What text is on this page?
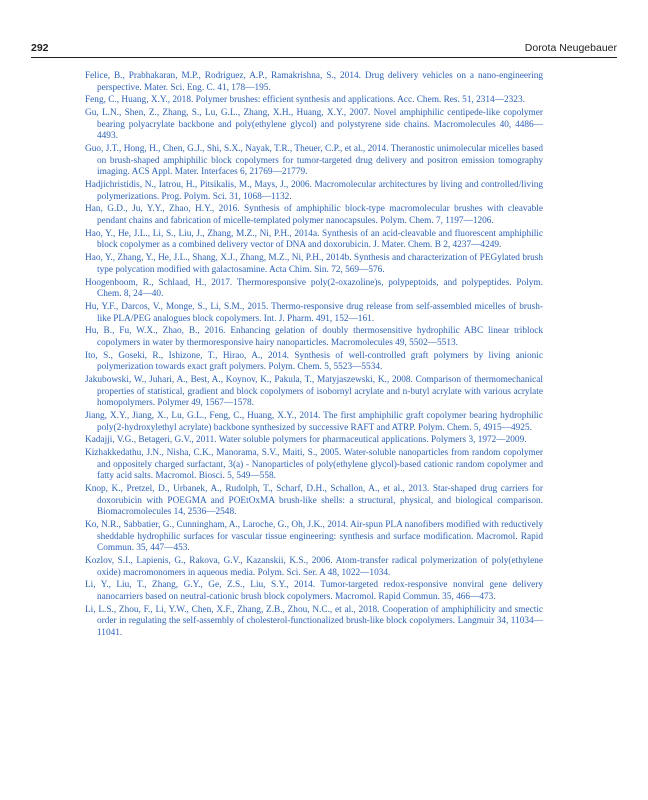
292	Dorota Neugebauer
Felice, B., Prabhakaran, M.P., Rodriguez, A.P., Ramakrishna, S., 2014. Drug delivery vehicles on a nano-engineering perspective. Mater. Sci. Eng. C. 41, 178—195.
Feng, C., Huang, X.Y., 2018. Polymer brushes: efficient synthesis and applications. Acc. Chem. Res. 51, 2314—2323.
Gu, L.N., Shen, Z., Zhang, S., Lu, G.L., Zhang, X.H., Huang, X.Y., 2007. Novel amphiphilic centipede-like copolymer bearing polyacrylate backbone and poly(ethylene glycol) and polystyrene side chains. Macromolecules 40, 4486—4493.
Guo, J.T., Hong, H., Chen, G.J., Shi, S.X., Nayak, T.R., Theuer, C.P., et al., 2014. Theranostic unimolecular micelles based on brush-shaped amphiphilic block copolymers for tumor-targeted drug delivery and positron emission tomography imaging. ACS Appl. Mater. Interfaces 6, 21769—21779.
Hadjichristidis, N., Iatrou, H., Pitsikalis, M., Mays, J., 2006. Macromolecular architectures by living and controlled/living polymerizations. Prog. Polym. Sci. 31, 1068—1132.
Han, G.D., Ju, Y.Y., Zhao, H.Y., 2016. Synthesis of amphiphilic block-type macromolecular brushes with cleavable pendant chains and fabrication of micelle-templated polymer nanocapsules. Polym. Chem. 7, 1197—1206.
Hao, Y., He, J.L., Li, S., Liu, J., Zhang, M.Z., Ni, P.H., 2014a. Synthesis of an acid-cleavable and fluorescent amphiphilic block copolymer as a combined delivery vector of DNA and doxorubicin. J. Mater. Chem. B 2, 4237—4249.
Hao, Y., Zhang, Y., He, J.L., Shang, X.J., Zhang, M.Z., Ni, P.H., 2014b. Synthesis and characterization of PEGylated brush type polycation modified with galactosamine. Acta Chim. Sin. 72, 569—576.
Hoogenboom, R., Schlaad, H., 2017. Thermoresponsive poly(2-oxazoline)s, polypeptoids, and polypeptides. Polym. Chem. 8, 24—40.
Hu, Y.F., Darcos, V., Monge, S., Li, S.M., 2015. Thermo-responsive drug release from self-assembled micelles of brush-like PLA/PEG analogues block copolymers. Int. J. Pharm. 491, 152—161.
Hu, B., Fu, W.X., Zhao, B., 2016. Enhancing gelation of doubly thermosensitive hydrophilic ABC linear triblock copolymers in water by thermoresponsive hairy nanoparticles. Macromolecules 49, 5502—5513.
Ito, S., Goseki, R., Ishizone, T., Hirao, A., 2014. Synthesis of well-controlled graft polymers by living anionic polymerization towards exact graft polymers. Polym. Chem. 5, 5523—5534.
Jakubowski, W., Juhari, A., Best, A., Koynov, K., Pakula, T., Matyjaszewski, K., 2008. Comparison of thermomechanical properties of statistical, gradient and block copolymers of isobornyl acrylate and n-butyl acrylate with various acrylate homopolymers. Polymer 49, 1567—1578.
Jiang, X.Y., Jiang, X., Lu, G.L., Feng, C., Huang, X.Y., 2014. The first amphiphilic graft copolymer bearing hydrophilic poly(2-hydroxylethyl acrylate) backbone synthesized by successive RAFT and ATRP. Polym. Chem. 5, 4915—4925.
Kadajji, V.G., Betageri, G.V., 2011. Water soluble polymers for pharmaceutical applications. Polymers 3, 1972—2009.
Kizhakkedathu, J.N., Nisha, C.K., Manorama, S.V., Maiti, S., 2005. Water-soluble nanoparticles from random copolymer and oppositely charged surfactant, 3(a) - Nanoparticles of poly(ethylene glycol)-based cationic random copolymer and fatty acid salts. Macromol. Biosci. 5, 549—558.
Knop, K., Pretzel, D., Urbanek, A., Rudolph, T., Scharf, D.H., Schallon, A., et al., 2013. Star-shaped drug carriers for doxorubicin with POEGMA and POEtOxMA brush-like shells: a structural, physical, and biological comparison. Biomacromolecules 14, 2536—2548.
Ko, N.R., Sabbatier, G., Cunningham, A., Laroche, G., Oh, J.K., 2014. Air-spun PLA nanofibers modified with reductively sheddable hydrophilic surfaces for vascular tissue engineering: synthesis and surface modification. Macromol. Rapid Commun. 35, 447—453.
Kozlov, S.I., Lapienis, G., Rakova, G.V., Kazanskii, K.S., 2006. Atom-transfer radical polymerization of poly(ethylene oxide) macromonomers in aqueous media. Polym. Sci. Ser. A 48, 1022—1034.
Li, Y., Liu, T., Zhang, G.Y., Ge, Z.S., Liu, S.Y., 2014. Tumor-targeted redox-responsive nonviral gene delivery nanocarriers based on neutral-cationic brush block copolymers. Macromol. Rapid Commun. 35, 466—473.
Li, L.S., Zhou, F., Li, Y.W., Chen, X.F., Zhang, Z.B., Zhou, N.C., et al., 2018. Cooperation of amphiphilicity and smectic order in regulating the self-assembly of cholesterol-functionalized brush-like block copolymers. Langmuir 34, 11034—11041.
